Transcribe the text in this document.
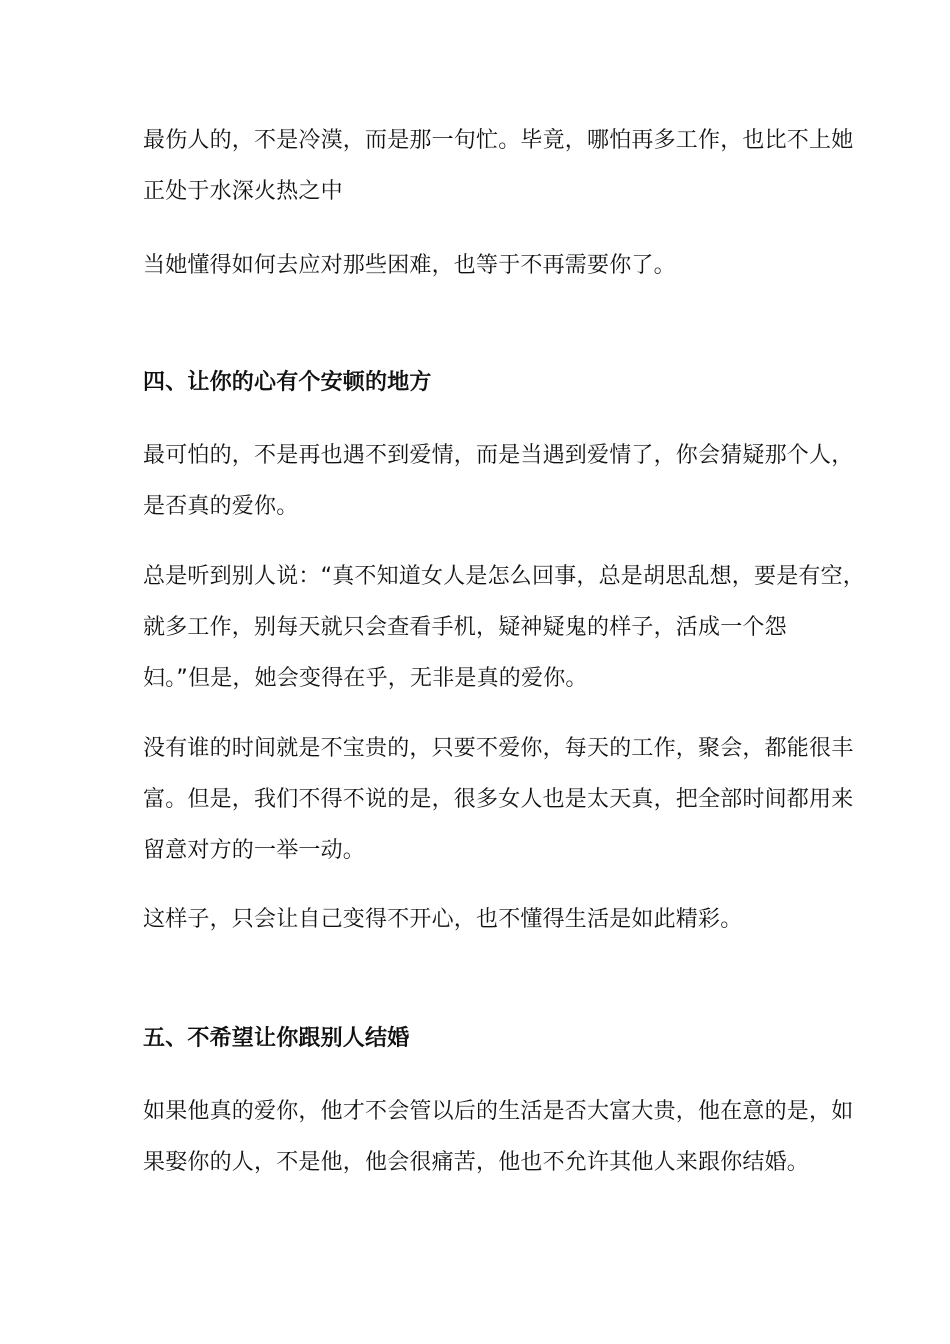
最伤人的，不是冷漠，而是那一句忙。毕竟，哪怕再多工作，也比不上她
正处于水深火热之中

当她懂得如何去应对那些困难，也等于不再需要你了。

四、让你的心有个安顿的地方

最可怕的，不是再也遇不到爱情，而是当遇到爱情了，你会猜疑那个人，
是否真的爱你。

总是听到别人说：“真不知道女人是怎么回事，总是胡思乱想，要是有空，
就多工作，别每天就只会查看手机，疑神疑鬼的样子，活成一个怨
妇。”但是，她会变得在乎，无非是真的爱你。

没有谁的时间就是不宝贵的，只要不爱你，每天的工作，聚会，都能很丰
富。但是，我们不得不说的是，很多女人也是太天真，把全部时间都用来
留意对方的一举一动。

这样子，只会让自己变得不开心，也不懂得生活是如此精彩。

五、不希望让你跟别人结婚

如果他真的爱你，他才不会管以后的生活是否大富大贵，他在意的是，如
果娶你的人，不是他，他会很痛苦，他也不允许其他人来跟你结婚。
